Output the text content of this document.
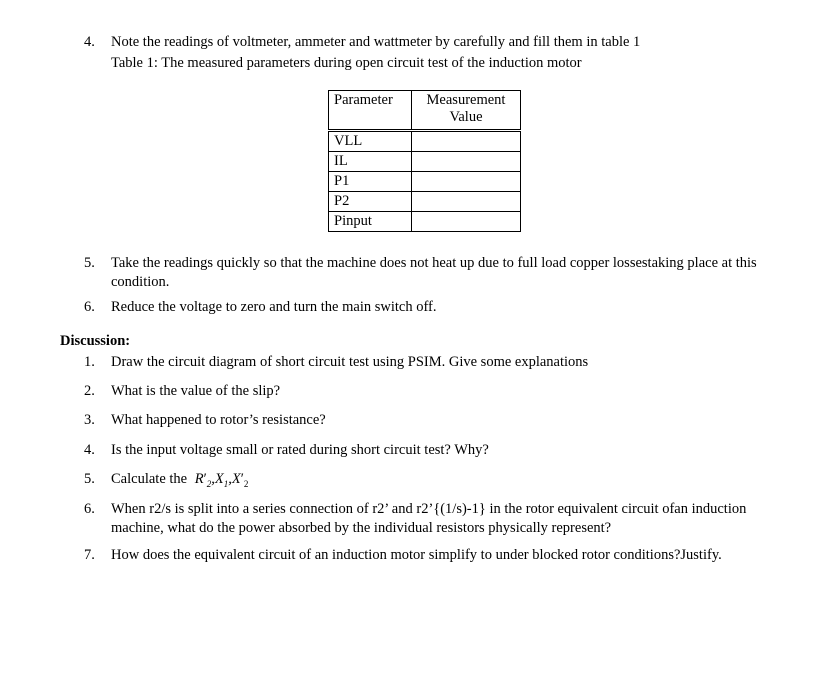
4.	Note the readings of voltmeter, ammeter and wattmeter by carefully and fill them in table 1
Table 1: The measured parameters during open circuit test of the induction motor
Parameter	Measurement Value
VLL	
IL	
P1	
P2	
Pinput	
5.	Take the readings quickly so that the machine does not heat up due to full load copper lossestaking place at this condition.
6.	Reduce the voltage to zero and turn the main switch off.
Discussion:
1.	Draw the circuit diagram of short circuit test using PSIM. Give some explanations
2.	What is the value of the slip?
3.	What happened to rotor’s resistance?
4.	Is the input voltage small or rated during short circuit test? Why?
5.	Calculate the $R'_2,X_1,X'_2$
6.	When r2/s is split into a series connection of r2’ and r2’{(1/s)-1} in the rotor equivalent circuit ofan induction machine, what do the power absorbed by the individual resistors physically represent?
7.	How does the equivalent circuit of an induction motor simplify to under blocked rotor conditions?Justify.
